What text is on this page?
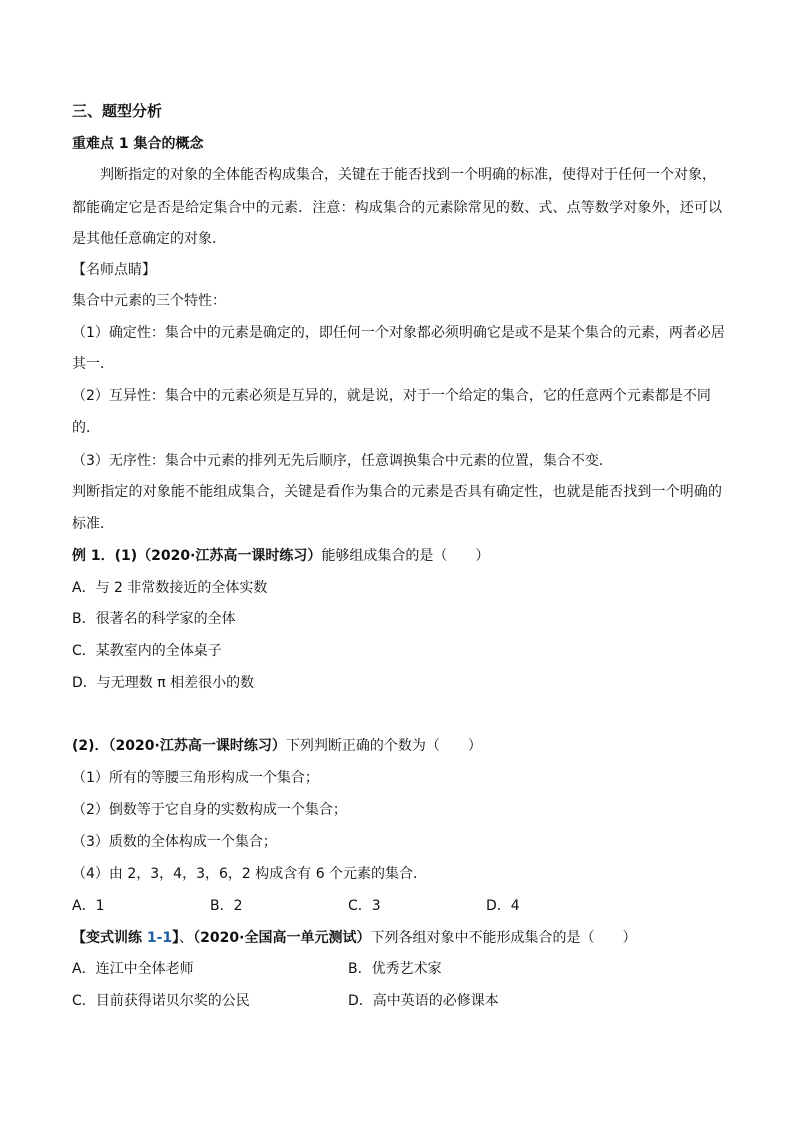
三、题型分析
重难点 1 集合的概念
判断指定的对象的全体能否构成集合，关键在于能否找到一个明确的标准，使得对于任何一个对象，
都能确定它是否是给定集合中的元素．注意：构成集合的元素除常见的数、式、点等数学对象外，还可以
是其他任意确定的对象．
【名师点睛】
集合中元素的三个特性：
（1）确定性：集合中的元素是确定的，即任何一个对象都必须明确它是或不是某个集合的元素，两者必居
其一．
（2）互异性：集合中的元素必须是互异的，就是说，对于一个给定的集合，它的任意两个元素都是不同
的．
（3）无序性：集合中元素的排列无先后顺序，任意调换集合中元素的位置，集合不变．
判断指定的对象能不能组成集合，关键是看作为集合的元素是否具有确定性，也就是能否找到一个明确的
标准．
例 1．(1)（2020·江苏高一课时练习）能够组成集合的是（　　）
A．与 2 非常数接近的全体实数
B．很著名的科学家的全体
C．某教室内的全体桌子
D．与无理数 π 相差很小的数
(2)．（2020·江苏高一课时练习）下列判断正确的个数为（　　）
（1）所有的等腰三角形构成一个集合；
（2）倒数等于它自身的实数构成一个集合；
（3）质数的全体构成一个集合；
（4）由 2，3，4，3，6，2 构成含有 6 个元素的集合．
A．1	B．2	C．3	D．4
【变式训练 1-1】、（2020·全国高一单元测试）下列各组对象中不能形成集合的是（　　）
A．连江中全体老师	B．优秀艺术家
C．目前获得诺贝尔奖的公民	D．高中英语的必修课本
